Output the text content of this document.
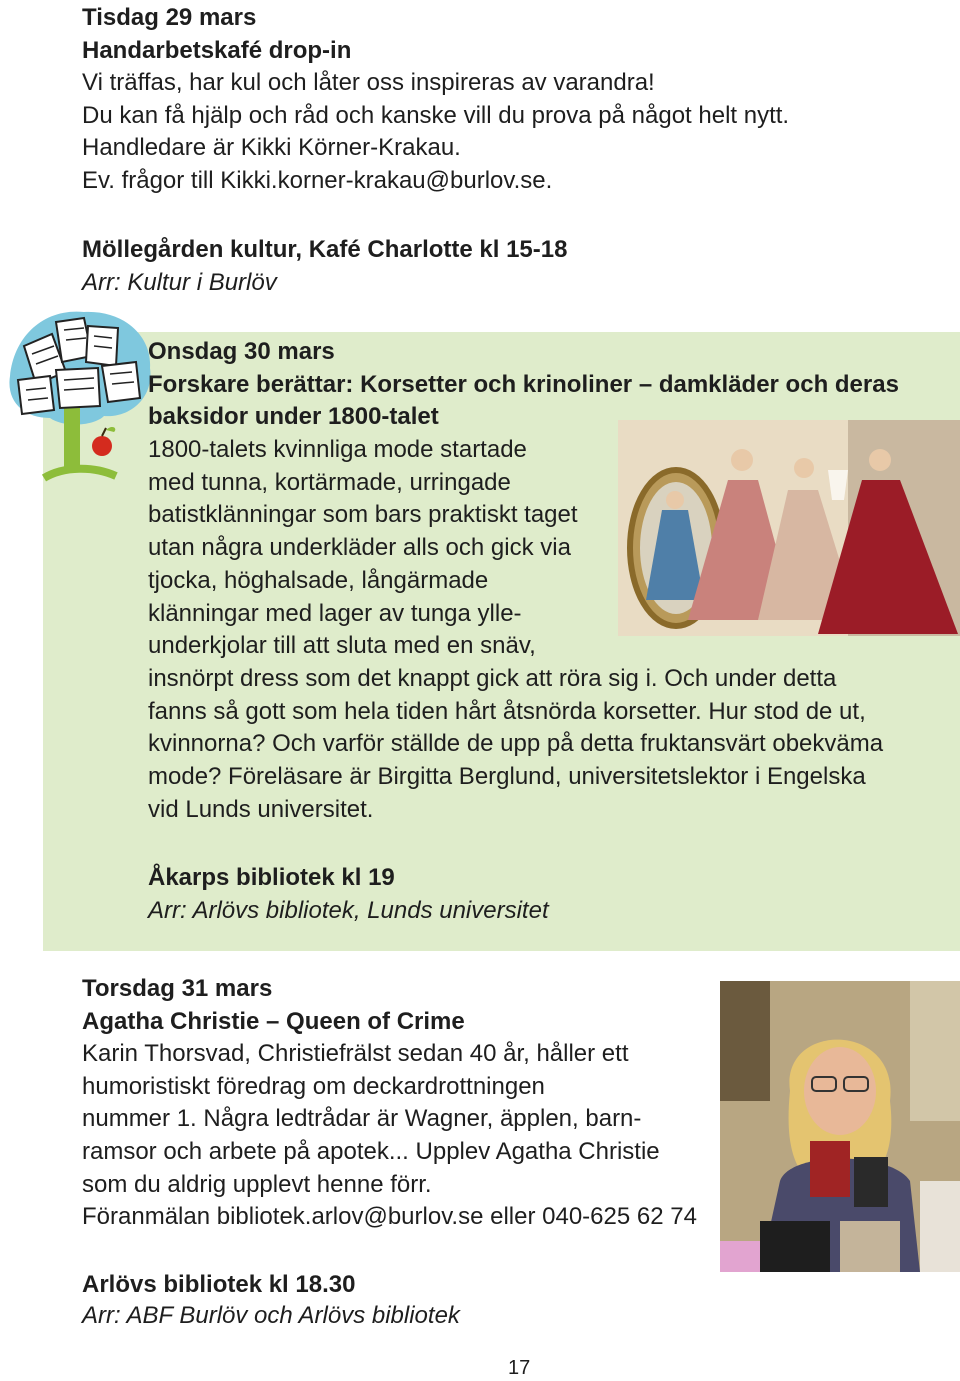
Tisdag 29 mars
Handarbetskafé drop-in
Vi träffas, har kul och låter oss inspireras av varandra!
Du kan få hjälp och råd och kanske vill du prova på något helt nytt.
Handledare är Kikki Körner-Krakau.
Ev. frågor till Kikki.korner-krakau@burlov.se.
Möllegården kultur, Kafé Charlotte kl 15-18
Arr: Kultur i Burlöv
Onsdag 30 mars
Forskare berättar: Korsetter och krinoliner – damkläder och deras
baksidor under 1800-talet
1800-talets kvinnliga mode startade
med tunna, kortärmade, urringade
batistklänningar som bars praktiskt taget
utan några underkläder alls och gick via
tjocka, höghalsade, långärmade
klänningar med lager av tunga ylle-
underkjolar till att sluta med en snäv,
insnörpt dress som det knappt gick att röra sig i. Och under detta
fanns så gott som hela tiden hårt åtsnörda korsetter. Hur stod de ut,
kvinnorna? Och varför ställde de upp på detta fruktansvärt obekväma
mode? Föreläsare är Birgitta Berglund, universitetslektor i Engelska
vid Lunds universitet.
Åkarps bibliotek kl 19
Arr: Arlövs bibliotek, Lunds universitet
Torsdag 31 mars
Agatha Christie – Queen of Crime
Karin Thorsvad, Christiefrälst sedan 40 år, håller ett
humoristiskt föredrag om deckardrottningen
nummer 1. Några ledtrådar är Wagner, äpplen, barn-
ramsor och arbete på apotek... Upplev Agatha Christie
som du aldrig upplevt henne förr.
Föranmälan bibliotek.arlov@burlov.se eller 040-625 62 74
Arlövs bibliotek kl 18.30
Arr: ABF Burlöv och Arlövs bibliotek
17
